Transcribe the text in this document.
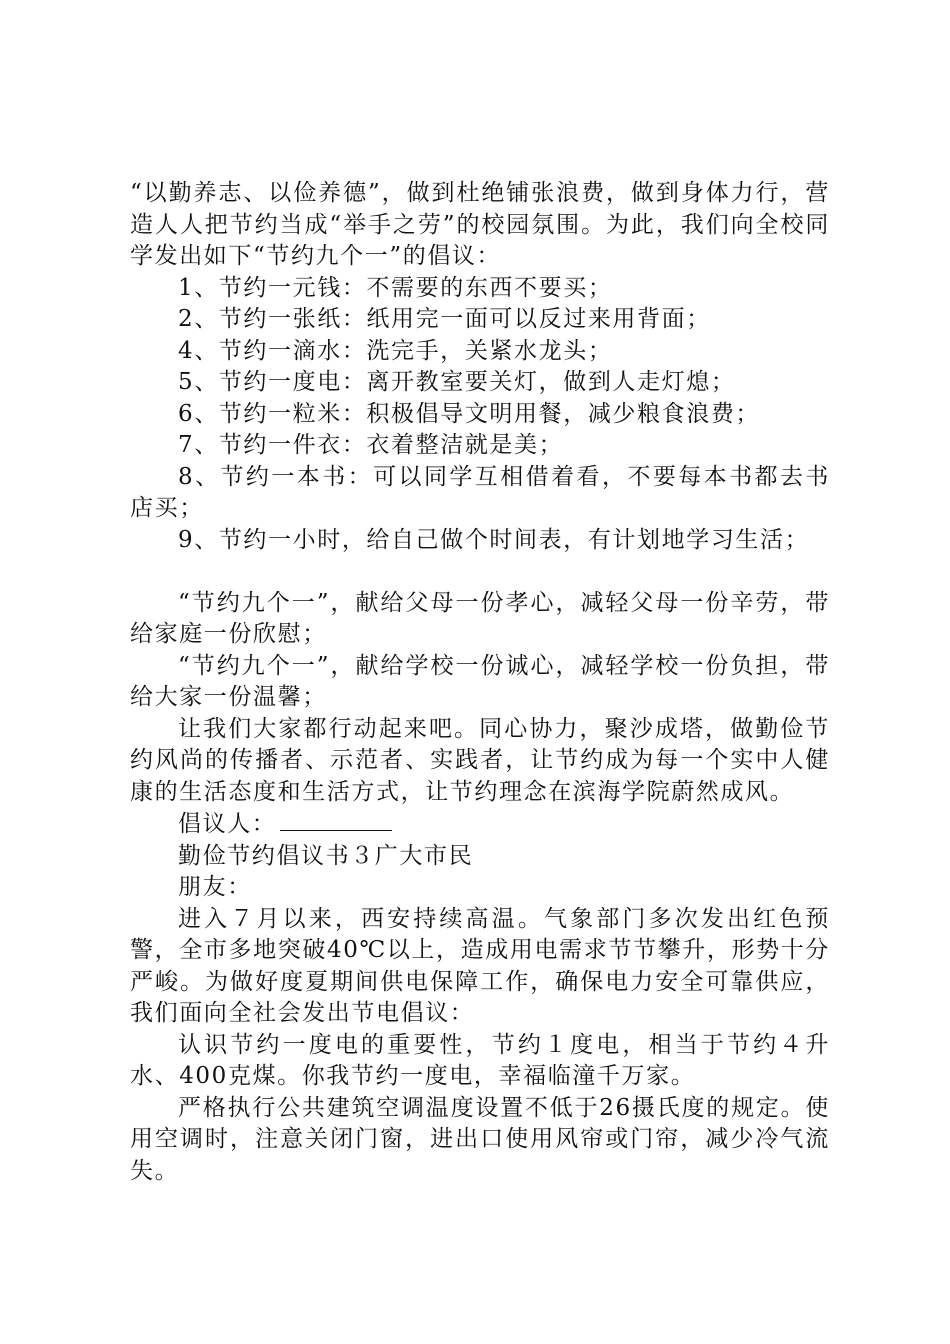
“以勤养志、以俭养德”，做到杜绝铺张浪费，做到身体力行，营造人人把节约当成“举手之劳”的校园氛围。为此，我们向全校同学发出如下“节约九个一”的倡议：

1、节约一元钱：不需要的东西不要买；

2、节约一张纸：纸用完一面可以反过来用背面；

4、节约一滴水：洗完手，关紧水龙头；

5、节约一度电：离开教室要关灯，做到人走灯熄；

6、节约一粒米：积极倡导文明用餐，减少粮食浪费；

7、节约一件衣：衣着整洁就是美；

8、节约一本书：可以同学互相借着看，不要每本书都去书店买；

9、节约一小时，给自己做个时间表，有计划地学习生活；

“节约九个一”，献给父母一份孝心，减轻父母一份辛劳，带给家庭一份欣慰；

“节约九个一”，献给学校一份诚心，减轻学校一份负担，带给大家一份温馨；

让我们大家都行动起来吧。同心协力，聚沙成塔，做勤俭节约风尚的传播者、示范者、实践者，让节约成为每一个实中人健康的生活态度和生活方式，让节约理念在滨海学院蔚然成风。

倡议人：

勤俭节约倡议书３广大市民

朋友：

进入７月以来，西安持续高温。气象部门多次发出红色预警，全市多地突破40℃以上，造成用电需求节节攀升，形势十分严峻。为做好度夏期间供电保障工作，确保电力安全可靠供应，我们面向全社会发出节电倡议：

认识节约一度电的重要性，节约１度电，相当于节约４升水、400克煤。你我节约一度电，幸福临潼千万家。

严格执行公共建筑空调温度设置不低于26摄氏度的规定。使用空调时，注意关闭门窗，进出口使用风帘或门帘，减少冷气流失。
